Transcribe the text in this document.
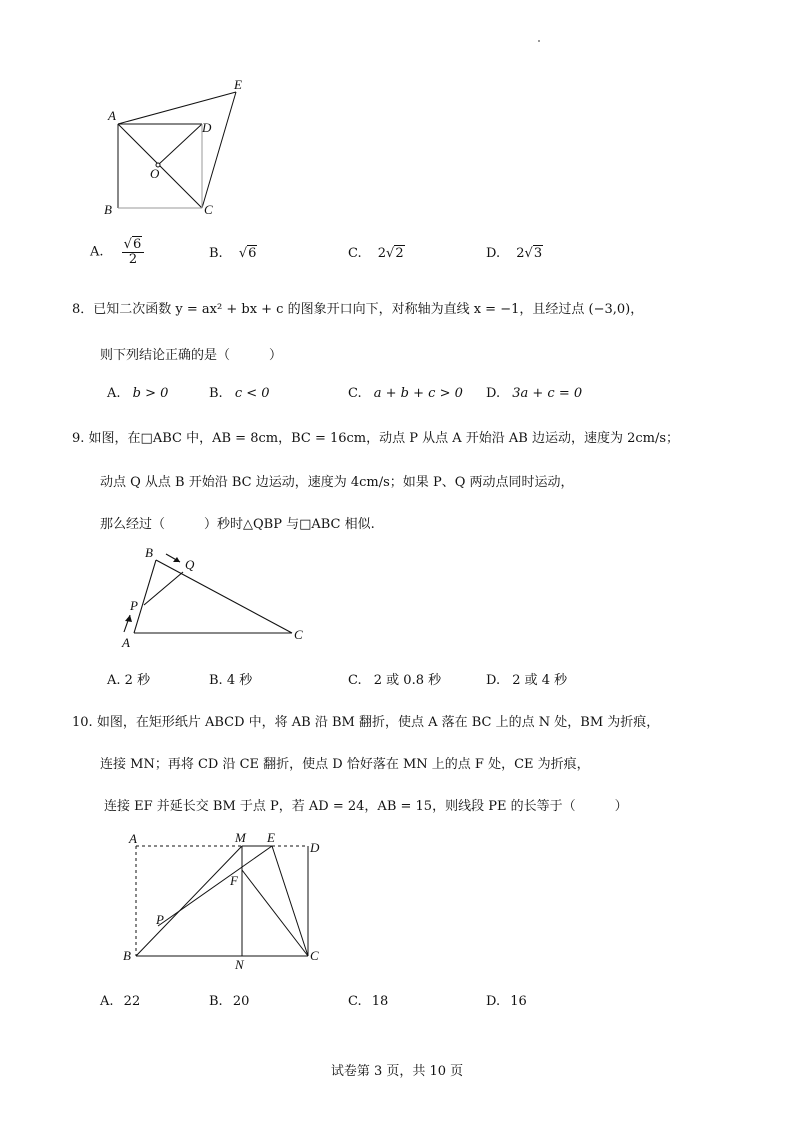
A
B	C
D
E
O
A. $\frac{√6}{2}$	B. √6	C. 2√2	D. 2√3
8．已知二次函数 y = ax² + bx + c 的图象开口向下，对称轴为直线 x = −1，且经过点 (−3,0)，
则下列结论正确的是（　　　）
A. b > 0	B. c < 0	C. a + b + c > 0 D. 3a + c = 0
9. 如图，在□ABC 中，AB = 8cm，BC = 16cm，动点 P 从点 A 开始沿 AB 边运动，速度为 2cm/s；
动点 Q 从点 B 开始沿 BC 边运动，速度为 4cm/s；如果 P、Q 两动点同时运动，
那么经过（　　　）秒时△QBP 与□ABC 相似.
B
Q
P
A
C
A. 2 秒	B. 4 秒	C. 2 或 0.8 秒	D. 2 或 4 秒
10. 如图，在矩形纸片 ABCD 中，将 AB 沿 BM 翻折，使点 A 落在 BC 上的点 N 处，BM 为折痕，
连接 MN；再将 CD 沿 CE 翻折，使点 D 恰好落在 MN 上的点 F 处，CE 为折痕，
连接 EF 并延长交 BM 于点 P，若 AD = 24，AB = 15，则线段 PE 的长等于（　　　）
A	M E
D
F
P
B
N
C
A. 22	B. 20	C. 18	D. 16
试卷第 3 页，共 10 页
